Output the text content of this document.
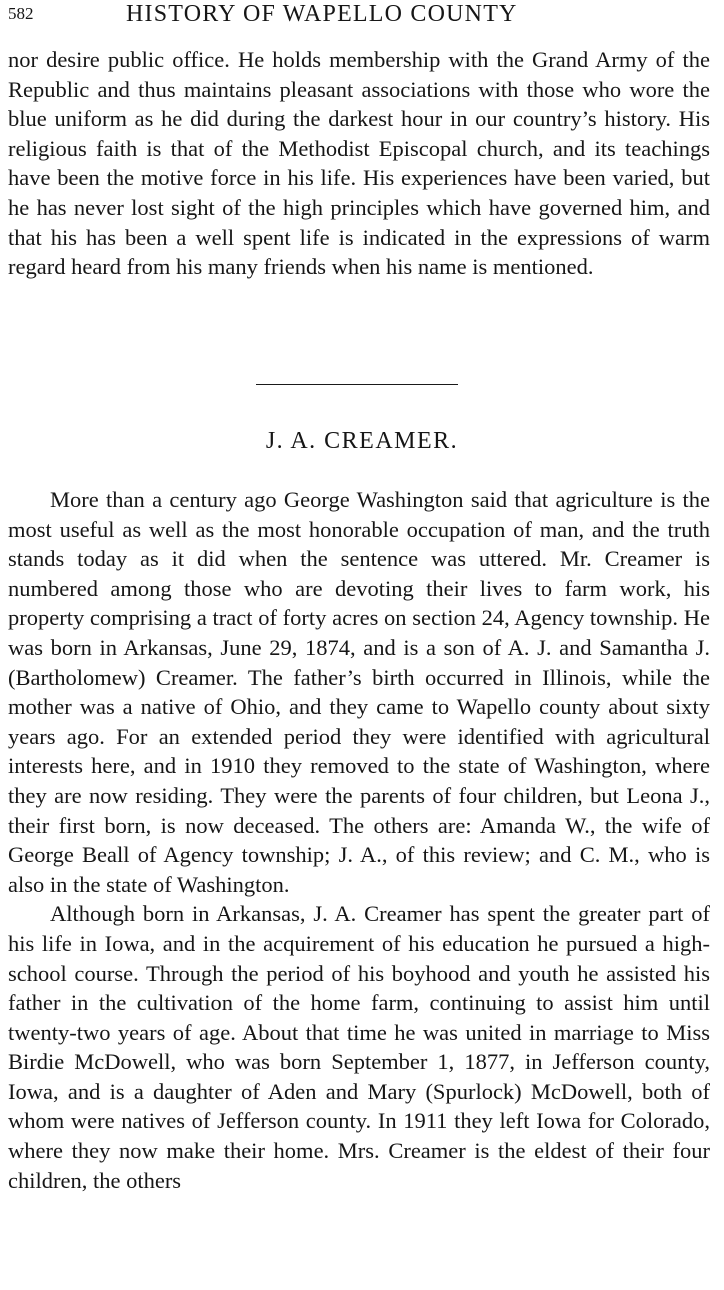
582	HISTORY OF WAPELLO COUNTY

nor desire public office. He holds membership with the Grand Army of the Republic and thus maintains pleasant associations with those who wore the blue uniform as he did during the darkest hour in our country’s history. His religious faith is that of the Methodist Episcopal church, and its teachings have been the motive force in his life. His experiences have been varied, but he has never lost sight of the high principles which have governed him, and that his has been a well spent life is indicated in the expressions of warm regard heard from his many friends when his name is mentioned.

J. A. CREAMER.

More than a century ago George Washington said that agriculture is the most useful as well as the most honorable occupation of man, and the truth stands today as it did when the sentence was uttered. Mr. Creamer is numbered among those who are devoting their lives to farm work, his property comprising a tract of forty acres on section 24, Agency township. He was born in Arkansas, June 29, 1874, and is a son of A. J. and Samantha J. (Bartholomew) Creamer. The father’s birth occurred in Illinois, while the mother was a native of Ohio, and they came to Wapello county about sixty years ago. For an extended period they were identified with agricultural interests here, and in 1910 they removed to the state of Washington, where they are now residing. They were the parents of four children, but Leona J., their first born, is now deceased. The others are: Amanda W., the wife of George Beall of Agency township; J. A., of this review; and C. M., who is also in the state of Washington.

Although born in Arkansas, J. A. Creamer has spent the greater part of his life in Iowa, and in the acquirement of his education he pursued a high-school course. Through the period of his boyhood and youth he assisted his father in the cultivation of the home farm, continuing to assist him until twenty-two years of age. About that time he was united in marriage to Miss Birdie McDowell, who was born September 1, 1877, in Jefferson county, Iowa, and is a daughter of Aden and Mary (Spurlock) McDowell, both of whom were natives of Jefferson county. In 1911 they left Iowa for Colorado, where they now make their home. Mrs. Creamer is the eldest of their four children, the others
